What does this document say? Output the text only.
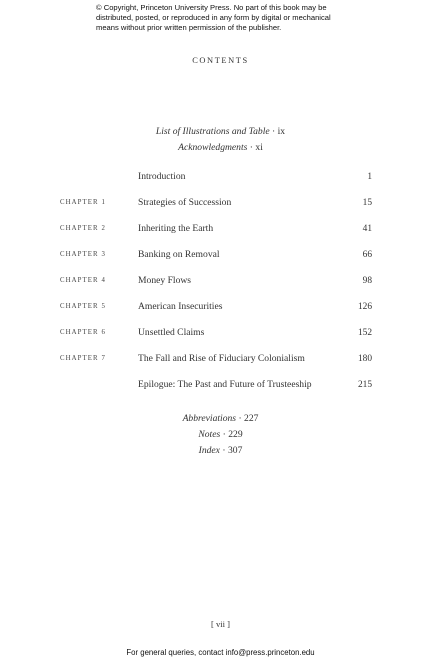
© Copyright, Princeton University Press. No part of this book may be
distributed, posted, or reproduced in any form by digital or mechanical
means without prior written permission of the publisher.
CONTENTS
List of Illustrations and Table · ix
Acknowledgments · xi
Introduction	1
CHAPTER 1	Strategies of Succession	15
CHAPTER 2	Inheriting the Earth	41
CHAPTER 3	Banking on Removal	66
CHAPTER 4	Money Flows	98
CHAPTER 5	American Insecurities	126
CHAPTER 6	Unsettled Claims	152
CHAPTER 7	The Fall and Rise of Fiduciary Colonialism	180
Epilogue: The Past and Future of Trusteeship	215
Abbreviations · 227
Notes · 229
Index · 307
[ vii ]
For general queries, contact info@press.princeton.edu
